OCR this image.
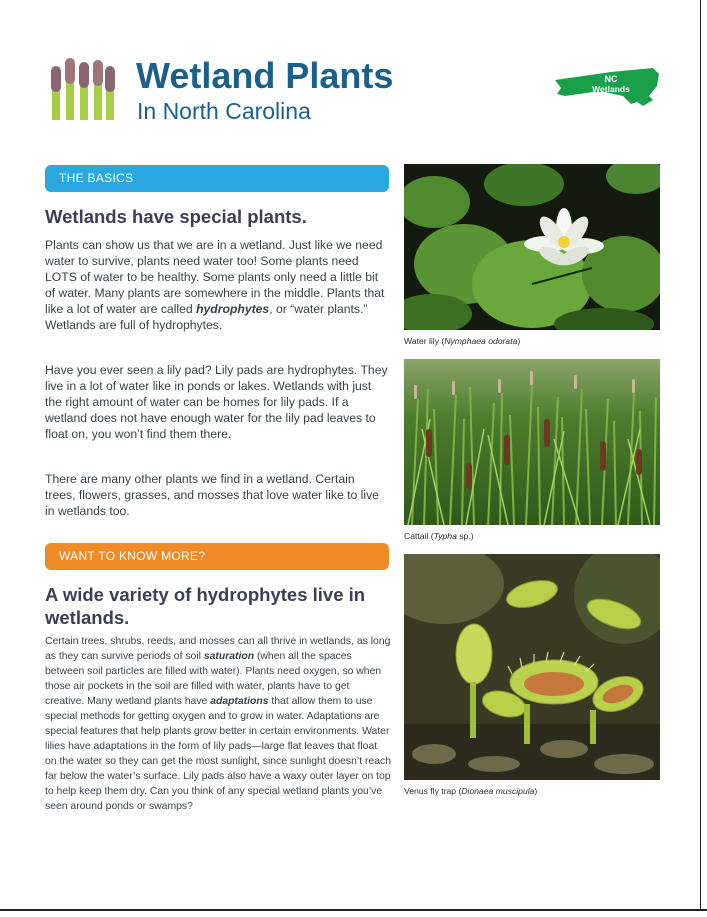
Wetland Plants

In North Carolina

NC
Wetlands
THE BASICS
Wetlands have special plants.

Plants can show us that we are in a wetland. Just like we need water to survive, plants need water too! Some plants need LOTS of water to be healthy. Some plants only need a little bit of water. Many plants are somewhere in the middle. Plants that like a lot of water are called hydrophytes, or “water plants.” Wetlands are full of hydrophytes.

Have you ever seen a lily pad? Lily pads are hydrophytes. They live in a lot of water like in ponds or lakes. Wetlands with just the right amount of water can be homes for lily pads. If a wetland does not have enough water for the lily pad leaves to float on, you won’t find them there.

There are many other plants we find in a wetland. Certain trees, flowers, grasses, and mosses that love water like to live in wetlands too.

WANT TO KNOW MORE?
A wide variety of hydrophytes live in wetlands.

Certain trees, shrubs, reeds, and mosses can all thrive in wetlands, as long as they can survive periods of soil saturation (when all the spaces between soil particles are filled with water). Plants need oxygen, so when those air pockets in the soil are filled with water, plants have to get creative. Many wetland plants have adaptations that allow them to use special methods for getting oxygen and to grow in water. Adaptations are special features that help plants grow better in certain environments. Water lilies have adaptations in the form of lily pads—large flat leaves that float on the water so they can get the most sunlight, since sunlight doesn’t reach far below the water’s surface. Lily pads also have a waxy outer layer on top to help keep them dry. Can you think of any special wetland plants you’ve seen around ponds or swamps?

Water lily (Nymphaea odorata)

Cattail (Typha sp.)

Venus fly trap (Dionaea muscipula)
